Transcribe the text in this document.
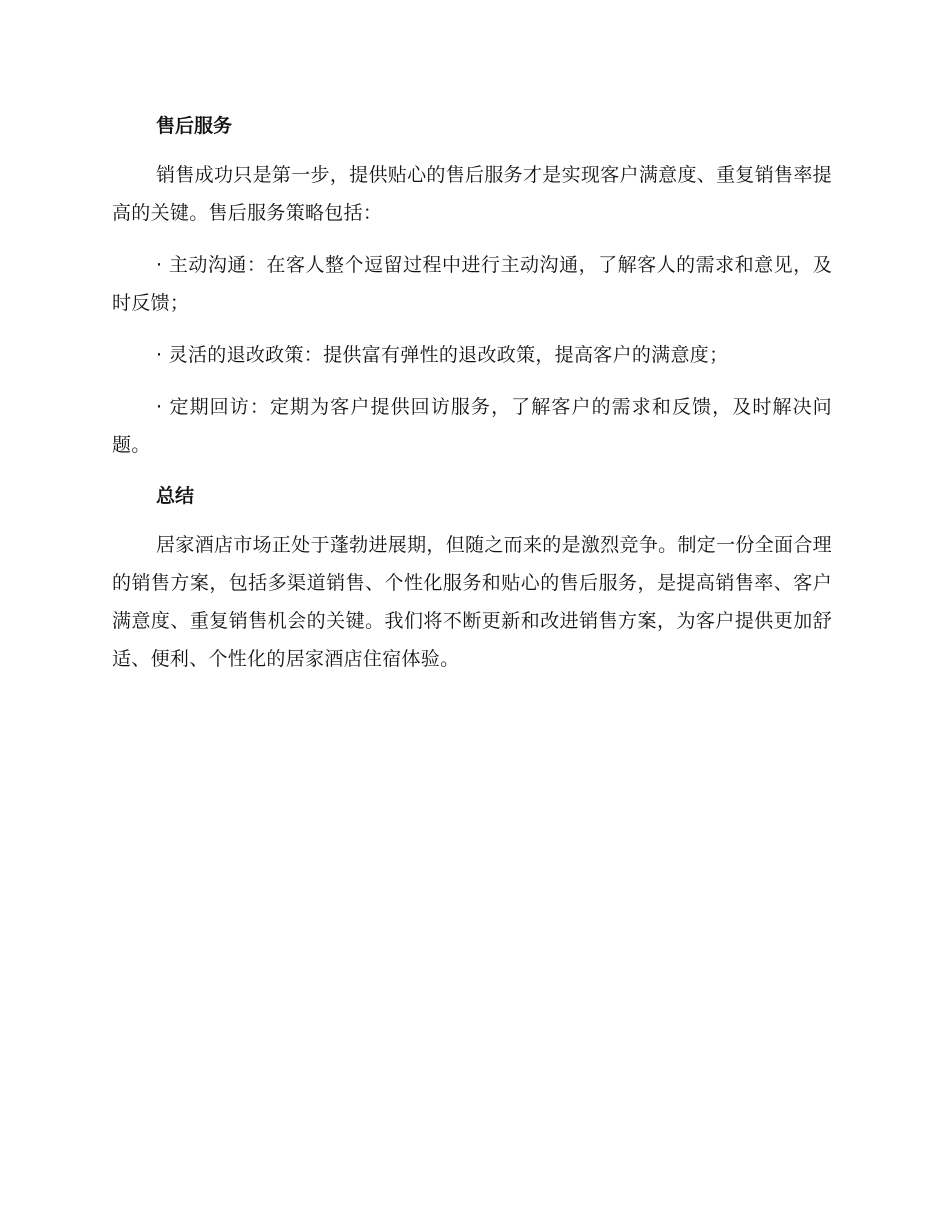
售后服务

销售成功只是第一步，提供贴心的售后服务才是实现客户满意度、重复销售率提高的关键。售后服务策略包括：

· 主动沟通：在客人整个逗留过程中进行主动沟通，了解客人的需求和意见，及时反馈；

· 灵活的退改政策：提供富有弹性的退改政策，提高客户的满意度；

· 定期回访：定期为客户提供回访服务，了解客户的需求和反馈，及时解决问题。

总结

居家酒店市场正处于蓬勃进展期，但随之而来的是激烈竞争。制定一份全面合理的销售方案，包括多渠道销售、个性化服务和贴心的售后服务，是提高销售率、客户满意度、重复销售机会的关键。我们将不断更新和改进销售方案，为客户提供更加舒适、便利、个性化的居家酒店住宿体验。
